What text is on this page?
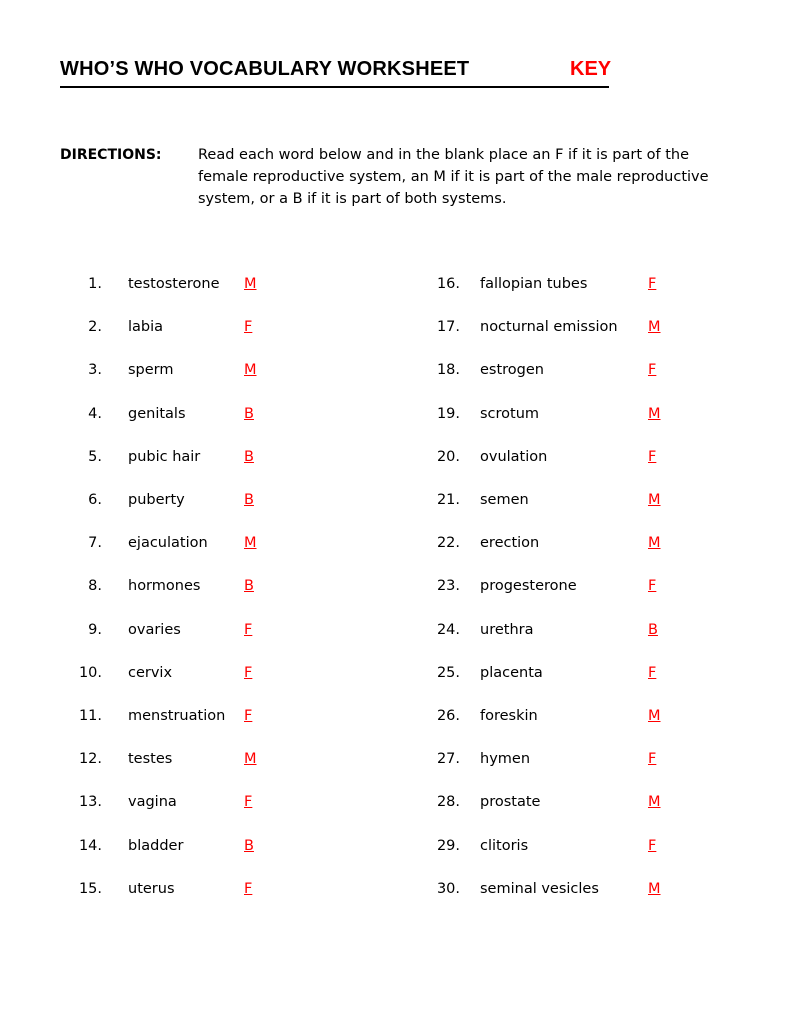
WHO’S WHO VOCABULARY WORKSHEET	KEY
DIRECTIONS:	Read each word below and in the blank place an F if it is part of the female reproductive system, an M if it is part of the male reproductive system, or a B if it is part of both systems.
1. testosterone M
2. labia	F
3. sperm	M
4. genitals	B
5. pubic hair	B
6. puberty	B
7. ejaculation	M
8. hormones	B
9. ovaries	F
10. cervix	F
11. menstruation F
12. testes	M
13. vagina	F
14. bladder	B
15. uterus	F
16. fallopian tubes	F
17. nocturnal emission M
18. estrogen	F
19. scrotum	M
20. ovulation	F
21. semen	M
22. erection	M
23. progesterone	F
24. urethra	B
25. placenta	F
26. foreskin	M
27. hymen	F
28. prostate	M
29. clitoris	F
30. seminal vesicles	M
